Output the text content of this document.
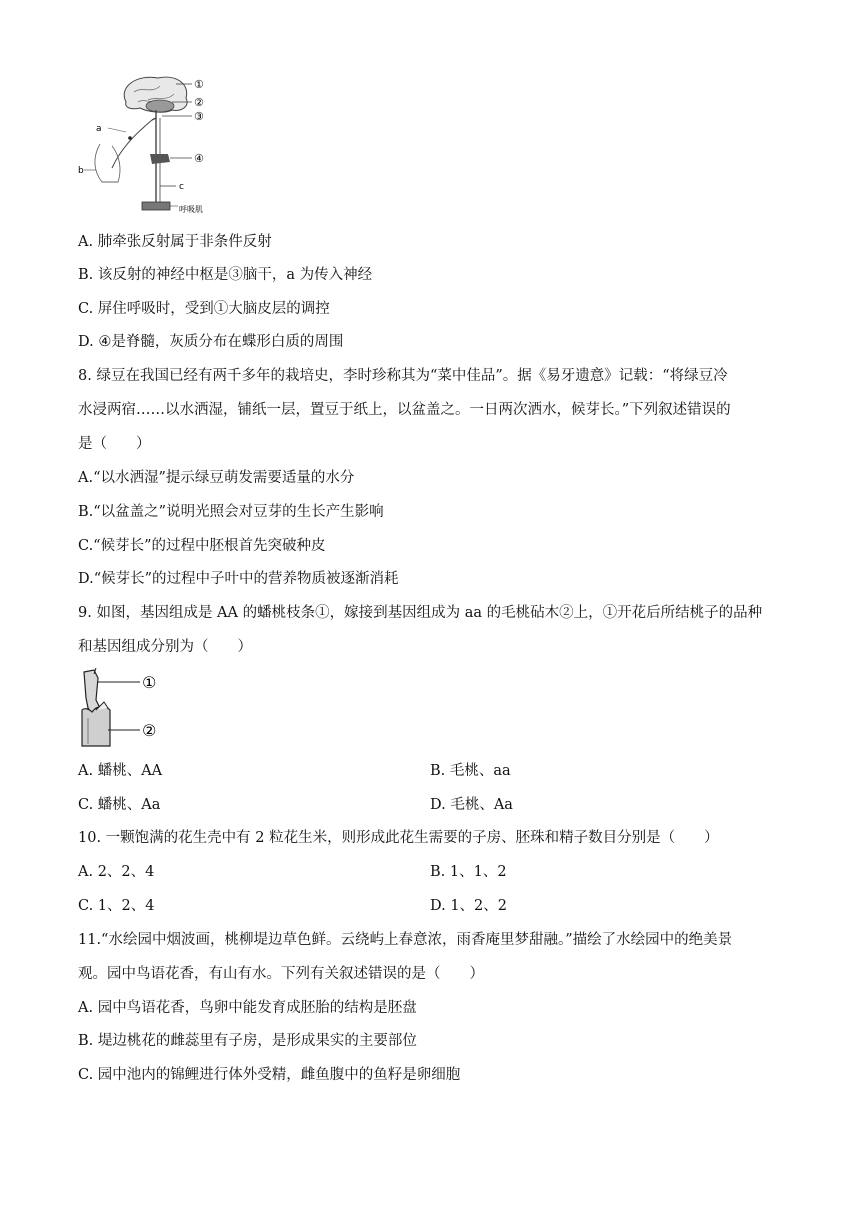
①
②
③
④
a
b
c
呼吸肌
A. 肺牵张反射属于非条件反射
B. 该反射的神经中枢是③脑干，a 为传入神经
C. 屏住呼吸时，受到①大脑皮层的调控
D. ④是脊髓，灰质分布在蝶形白质的周围
8. 绿豆在我国已经有两千多年的栽培史，李时珍称其为“菜中佳品”。据《易牙遗意》记载：“将绿豆冷
水浸两宿……以水洒湿，铺纸一层，置豆于纸上，以盆盖之。一日两次洒水，候芽长。”下列叙述错误的
是（　　）
A.“以水洒湿”提示绿豆萌发需要适量的水分
B.“以盆盖之”说明光照会对豆芽的生长产生影响
C.“候芽长”的过程中胚根首先突破种皮
D.“候芽长”的过程中子叶中的营养物质被逐渐消耗
9. 如图，基因组成是 AA 的蟠桃枝条①，嫁接到基因组成为 aa 的毛桃砧木②上，①开花后所结桃子的品种
和基因组成分别为（　　）
①
②
A. 蟠桃、AA	B. 毛桃、aa
C. 蟠桃、Aa	D. 毛桃、Aa
10. 一颗饱满的花生壳中有 2 粒花生米，则形成此花生需要的子房、胚珠和精子数目分别是（　　）
A. 2、2、4	B. 1、1、2
C. 1、2、4	D. 1、2、2
11.“水绘园中烟波画，桃柳堤边草色鲜。云绕屿上春意浓，雨香庵里梦甜融。”描绘了水绘园中的绝美景
观。园中鸟语花香，有山有水。下列有关叙述错误的是（　　）
A. 园中鸟语花香，鸟卵中能发育成胚胎的结构是胚盘
B. 堤边桃花的雌蕊里有子房，是形成果实的主要部位
C. 园中池内的锦鲤进行体外受精，雌鱼腹中的鱼籽是卵细胞
